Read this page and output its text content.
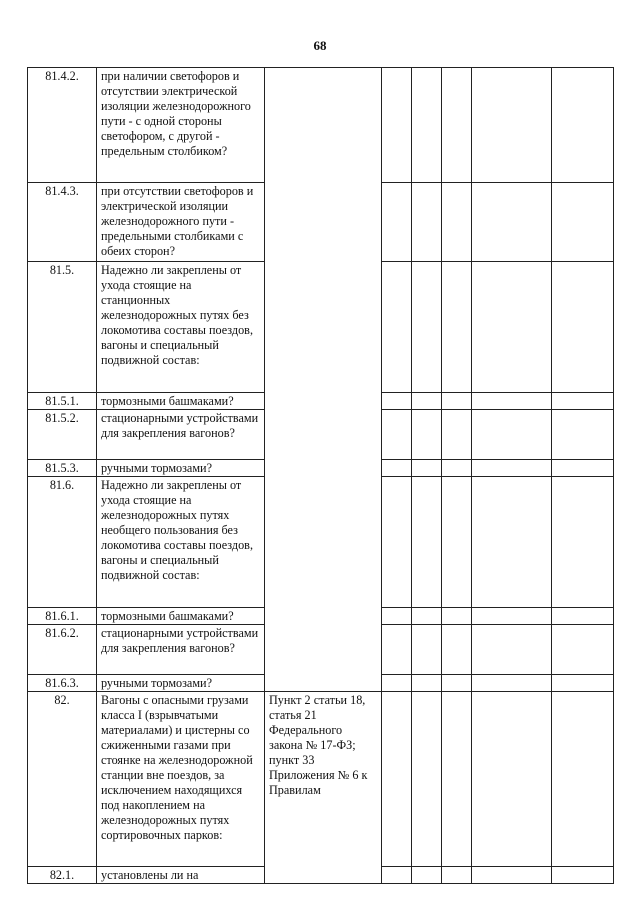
68
81.4.2.	при наличии светофоров и отсутствии электрической изоляции железнодорожного пути - с одной стороны светофором, с другой - предельным столбиком?						
81.4.3.	при отсутствии светофоров и электрической изоляции железнодорожного пути - предельными столбиками с обеих сторон?						
81.5.	Надежно ли закреплены от ухода стоящие на станционных железнодорожных путях без локомотива составы поездов, вагоны и специальный подвижной состав:						
81.5.1.	тормозными башмаками?						
81.5.2.	стационарными устройствами для закрепления вагонов?						
81.5.3.	ручными тормозами?						
81.6.	Надежно ли закреплены от ухода стоящие на железнодорожных путях необщего пользования без локомотива составы поездов, вагоны и специальный подвижной состав:						
81.6.1.	тормозными башмаками?						
81.6.2.	стационарными устройствами для закрепления вагонов?						
81.6.3.	ручными тормозами?						
82.	Вагоны с опасными грузами класса I (взрывчатыми материалами) и цистерны со сжиженными газами при стоянке на железнодорожной станции вне поездов, за исключением находящихся под накоплением на железнодорожных путях сортировочных парков:	Пункт 2 статьи 18, статья 21 Федерального закона № 17-ФЗ; пункт 33 Приложения № 6 к Правилам					
82.1.	установлены ли на						
